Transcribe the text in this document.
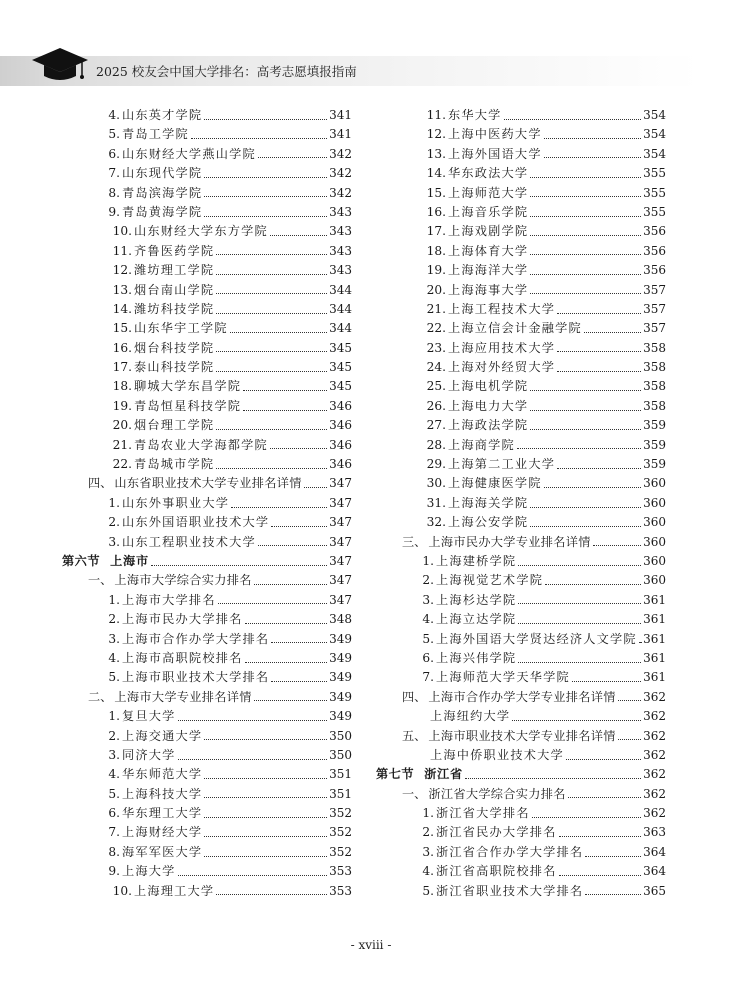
2025 校友会中国大学排名：高考志愿填报指南
4. 山东英才学院	341
5. 青岛工学院	341
6. 山东财经大学燕山学院	342
7. 山东现代学院	342
8. 青岛滨海学院	342
9. 青岛黄海学院	343
10. 山东财经大学东方学院	343
11. 齐鲁医药学院	343
12. 潍坊理工学院	343
13. 烟台南山学院	344
14. 潍坊科技学院	344
15. 山东华宇工学院	344
16. 烟台科技学院	345
17. 泰山科技学院	345
18. 聊城大学东昌学院	345
19. 青岛恒星科技学院	346
20. 烟台理工学院	346
21. 青岛农业大学海都学院	346
22. 青岛城市学院	346
四、 山东省职业技术大学专业排名详情 347
1. 山东外事职业大学	347
2. 山东外国语职业技术大学	347
3. 山东工程职业技术大学	347
第六节 上海市	347
一、 上海市大学综合实力排名	347
1. 上海市大学排名	347
2. 上海市民办大学排名	348
3. 上海市合作办学大学排名	349
4. 上海市高职院校排名	349
5. 上海市职业技术大学排名	349
二、 上海市大学专业排名详情	349
1. 复旦大学	349
2. 上海交通大学	350
3. 同济大学	350
4. 华东师范大学	351
5. 上海科技大学	351
6. 华东理工大学	352
7. 上海财经大学	352
8. 海军军医大学	352
9. 上海大学	353
10. 上海理工大学	353
11. 东华大学	354
12. 上海中医药大学	354
13. 上海外国语大学	354
14. 华东政法大学	355
15. 上海师范大学	355
16. 上海音乐学院	355
17. 上海戏剧学院	356
18. 上海体育大学	356
19. 上海海洋大学	356
20. 上海海事大学	357
21. 上海工程技术大学	357
22. 上海立信会计金融学院	357
23. 上海应用技术大学	358
24. 上海对外经贸大学	358
25. 上海电机学院	358
26. 上海电力大学	358
27. 上海政法学院	359
28. 上海商学院	359
29. 上海第二工业大学	359
30. 上海健康医学院	360
31. 上海海关学院	360
32. 上海公安学院	360
三、 上海市民办大学专业排名详情	360
1. 上海建桥学院	360
2. 上海视觉艺术学院	360
3. 上海杉达学院	361
4. 上海立达学院	361
5. 上海外国语大学贤达经济人文学院 361
6. 上海兴伟学院	361
7. 上海师范大学天华学院	361
四、 上海市合作办学大学专业排名详情 362
上海纽约大学	362
五、 上海市职业技术大学专业排名详情 362
上海中侨职业技术大学	362
第七节 浙江省	362
一、 浙江省大学综合实力排名	362
1. 浙江省大学排名	362
2. 浙江省民办大学排名	363
3. 浙江省合作办学大学排名	364
4. 浙江省高职院校排名	364
5. 浙江省职业技术大学排名	365
- xviii -
